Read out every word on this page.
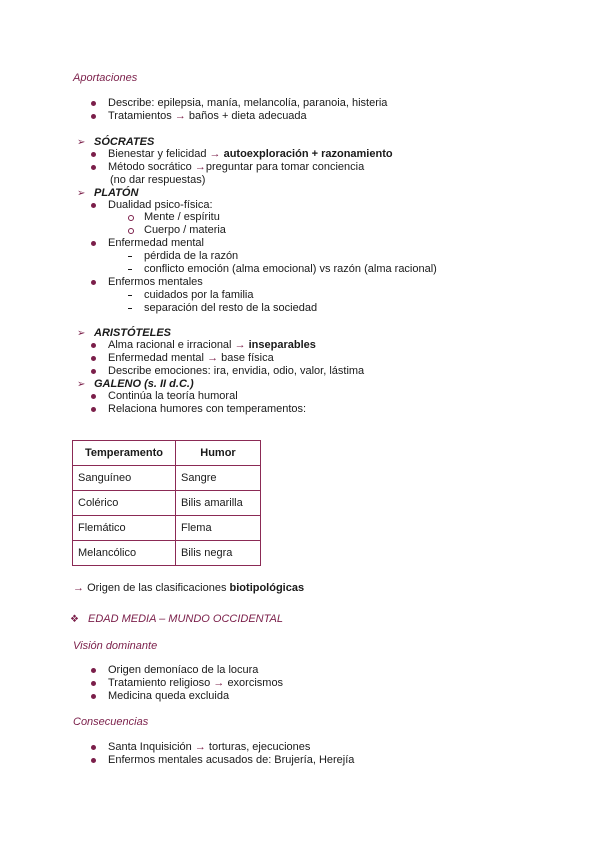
Aportaciones
Describe: epilepsia, manía, melancolía, paranoia, histeria
Tratamientos → baños + dieta adecuada
➢ SÓCRATES
Bienestar y felicidad → autoexploración + razonamiento
Método socrático →preguntar para tomar conciencia
(no dar respuestas)
➢ PLATÓN
Dualidad psico-física:
Mente / espíritu
Cuerpo / materia
Enfermedad mental
pérdida de la razón
conflicto emoción (alma emocional) vs razón (alma racional)
Enfermos mentales
cuidados por la familia
separación del resto de la sociedad
➢ ARISTÓTELES
Alma racional e irracional → inseparables
Enfermedad mental → base física
Describe emociones: ira, envidia, odio, valor, lástima
➢ GALENO (s. II d.C.)
Continúa la teoría humoral
Relaciona humores con temperamentos:
Temperamento	Humor
Sanguíneo	Sangre
Colérico	Bilis amarilla
Flemático	Flema
Melancólico	Bilis negra
→ Origen de las clasificaciones biotipológicas
❖ EDAD MEDIA – MUNDO OCCIDENTAL
Visión dominante
Origen demoníaco de la locura
Tratamiento religioso → exorcismos
Medicina queda excluida
Consecuencias
Santa Inquisición → torturas, ejecuciones
Enfermos mentales acusados de: Brujería, Herejía
